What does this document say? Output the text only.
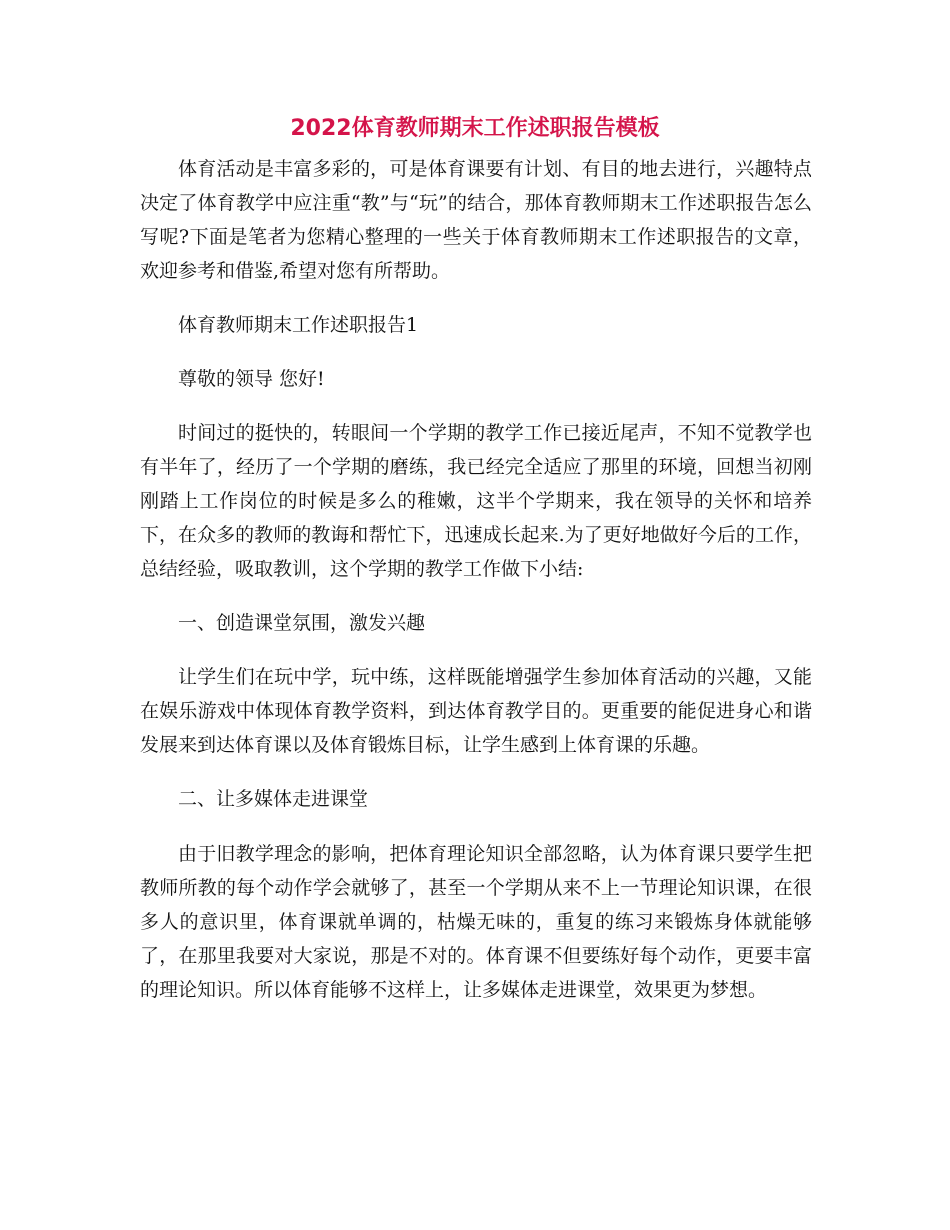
2022体育教师期末工作述职报告模板

体育活动是丰富多彩的，可是体育课要有计划、有目的地去进行，兴趣特点决定了体育教学中应注重“教”与“玩”的结合，那体育教师期末工作述职报告怎么写呢?下面是笔者为您精心整理的一些关于体育教师期末工作述职报告的文章，欢迎参考和借鉴,希望对您有所帮助。

体育教师期末工作述职报告1

尊敬的领导 您好!

时间过的挺快的，转眼间一个学期的教学工作已接近尾声，不知不觉教学也有半年了，经历了一个学期的磨练，我已经完全适应了那里的环境，回想当初刚刚踏上工作岗位的时候是多么的稚嫩，这半个学期来，我在领导的关怀和培养下，在众多的教师的教诲和帮忙下，迅速成长起来.为了更好地做好今后的工作，总结经验，吸取教训，这个学期的教学工作做下小结:

一、创造课堂氛围，激发兴趣

让学生们在玩中学，玩中练，这样既能增强学生参加体育活动的兴趣，又能在娱乐游戏中体现体育教学资料，到达体育教学目的。更重要的能促进身心和谐发展来到达体育课以及体育锻炼目标，让学生感到上体育课的乐趣。

二、让多媒体走进课堂

由于旧教学理念的影响，把体育理论知识全部忽略，认为体育课只要学生把教师所教的每个动作学会就够了，甚至一个学期从来不上一节理论知识课，在很多人的意识里，体育课就单调的，枯燥无味的，重复的练习来锻炼身体就能够了，在那里我要对大家说，那是不对的。体育课不但要练好每个动作，更要丰富的理论知识。所以体育能够不这样上，让多媒体走进课堂，效果更为梦想。
